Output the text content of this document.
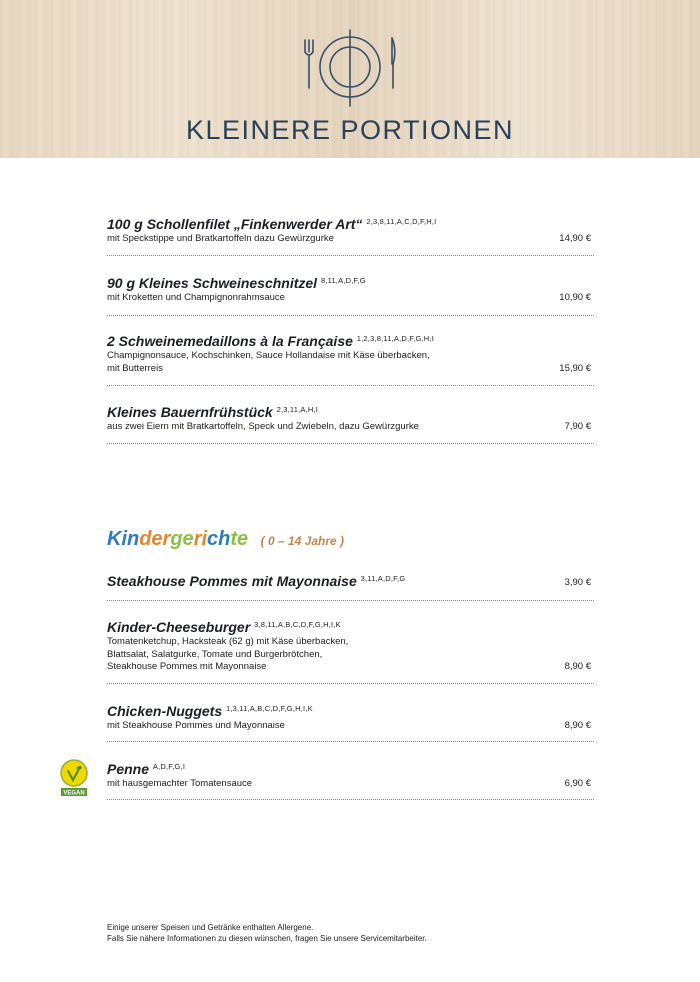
KLEINERE PORTIONEN
100 g Schollenfilet „Finkenwerder Art“ $^{2,3,8,11,A,C,D,F,H,I}$
mit Speckstippe und Bratkartoffeln dazu Gewürzgurke	14,90 €
90 g Kleines Schweineschnitzel $^{8,11,A,D,F,G}$
mit Kroketten und Champignonrahmsauce	10,90 €
2 Schweinemedaillons à la Française $^{1,2,3,8,11,A,D,F,G,H,I}$
Champignonsauce, Kochschinken, Sauce Hollandaise mit Käse überbacken,
mit Butterreis	15,90 €
Kleines Bauernfrühstück $^{2,3,11,A,H,I}$
aus zwei Eiern mit Bratkartoffeln, Speck und Zwiebeln, dazu Gewürzgurke	7,90 €
Kindergerichte ( 0 – 14 Jahre )
Steakhouse Pommes mit Mayonnaise $^{3,11,A,D,F,G}$	3,90 €
Kinder-Cheeseburger $^{3,8,11,A,B,C,D,F,G,H,I,K}$
Tomatenketchup, Hacksteak (62 g) mit Käse überbacken,
Blattsalat, Salatgurke, Tomate und Burgerbrötchen,
Steakhouse Pommes mit Mayonnaise	8,90 €
Chicken-Nuggets $^{1,3,11,A,B,C,D,F,G,H,I,K}$
mit Steakhouse Pommes und Mayonnaise	8,90 €
VEGAN
Penne $^{A,D,F,G,I}$
mit hausgemachter Tomatensauce	6,90 €
Einige unserer Speisen und Getränke enthalten Allergene.
Falls Sie nähere Informationen zu diesen wünschen, fragen Sie unsere Servicemitarbeiter.
